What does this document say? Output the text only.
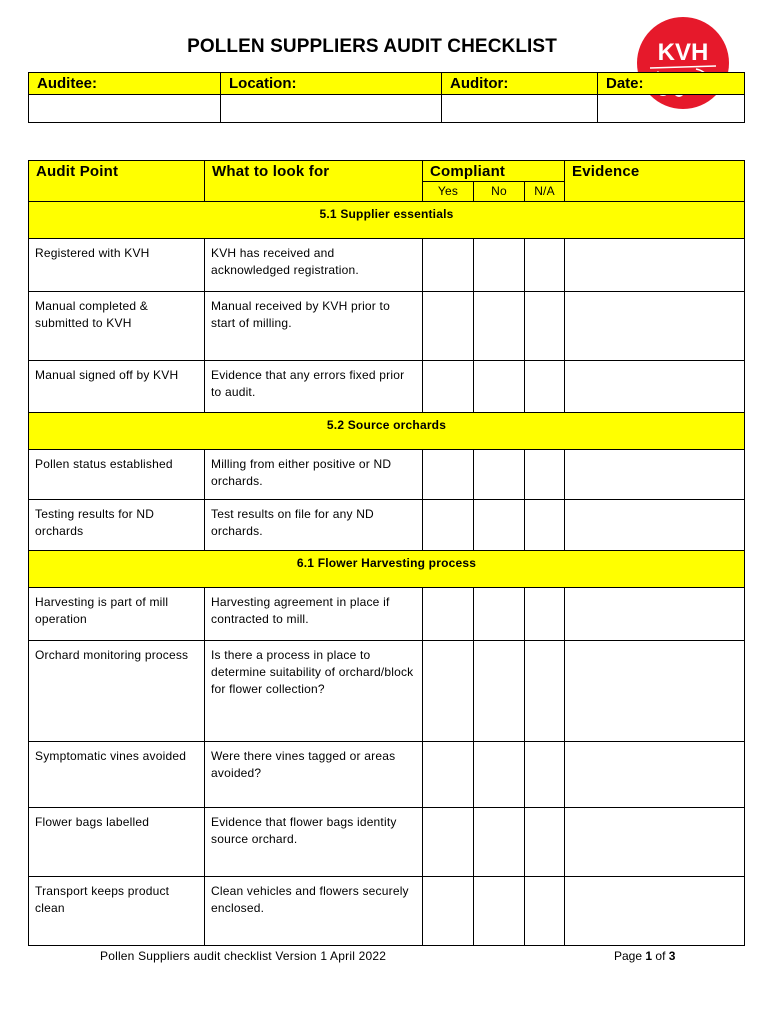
POLLEN SUPPLIERS AUDIT CHECKLIST	KVH
Auditee:	Location:	Auditor:	Date:

Audit Point	What to look for	Compliant			Evidence
		Yes	No	N/A	
5.1 Supplier essentials					
Registered with KVH	KVH has received and acknowledged registration.				
Manual completed & submitted to KVH	Manual received by KVH prior to start of milling.				
Manual signed off by KVH	Evidence that any errors fixed prior to audit.				
5.2 Source orchards					
Pollen status established	Milling from either positive or ND orchards.				
Testing results for ND orchards	Test results on file for any ND orchards.				
6.1 Flower Harvesting process					
Harvesting is part of mill operation	Harvesting agreement in place if contracted to mill.				
Orchard monitoring process	Is there a process in place to determine suitability of orchard/block for flower collection?				
Symptomatic vines avoided	Were there vines tagged or areas avoided?				
Flower bags labelled	Evidence that flower bags identity source orchard.				
Transport keeps product clean	Clean vehicles and flowers securely enclosed.				
Pollen Suppliers audit checklist Version 1 April 2022	Page 1 of 3
